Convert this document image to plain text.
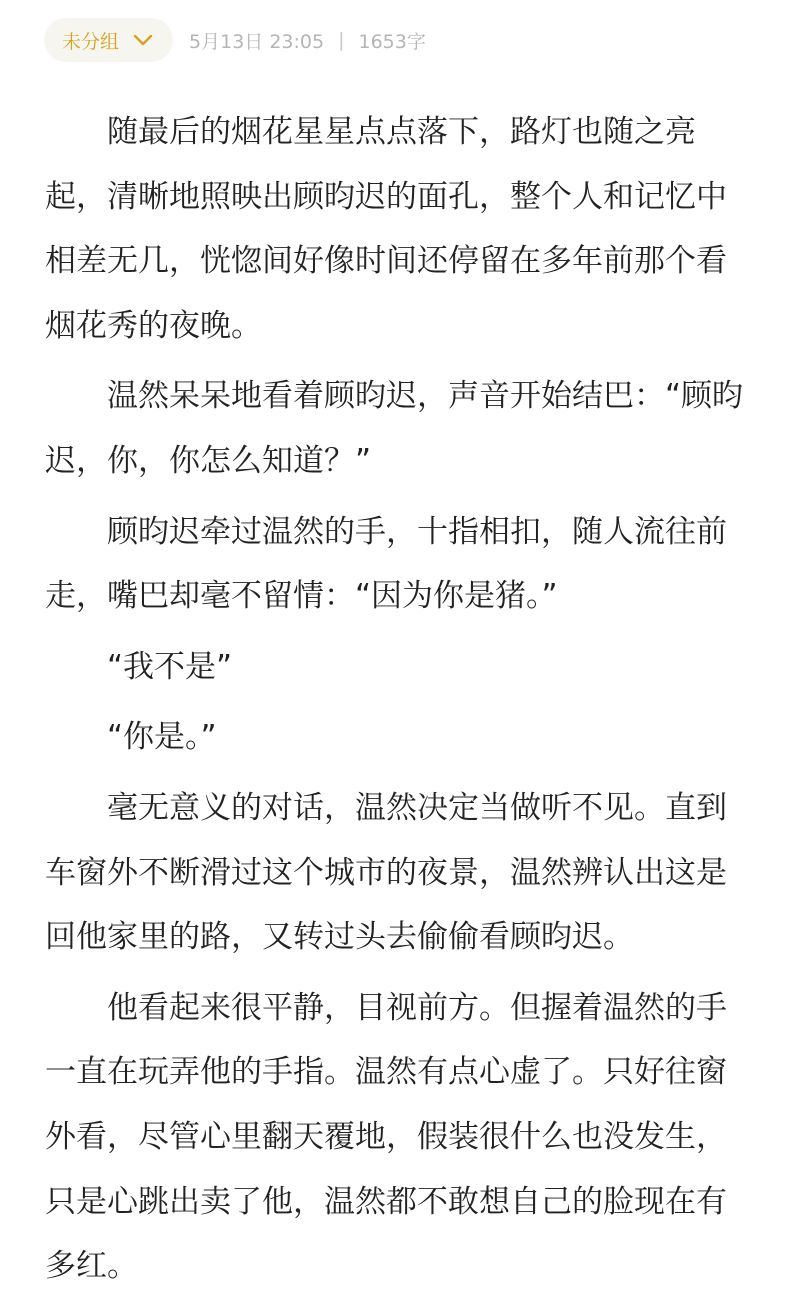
未分组	5月13日 23:05 | 1653字

　　随最后的烟花星星点点落下，路灯也随之亮起，清晰地照映出顾昀迟的面孔，整个人和记忆中相差无几，恍惚间好像时间还停留在多年前那个看烟花秀的夜晚。

　　温然呆呆地看着顾昀迟，声音开始结巴：“顾昀迟，你，你怎么知道？”

　　顾昀迟牵过温然的手，十指相扣，随人流往前走，嘴巴却毫不留情：“因为你是猪。”

　　“我不是”

　　“你是。”

　　毫无意义的对话，温然决定当做听不见。直到车窗外不断滑过这个城市的夜景，温然辨认出这是回他家里的路，又转过头去偷偷看顾昀迟。

　　他看起来很平静，目视前方。但握着温然的手一直在玩弄他的手指。温然有点心虚了。只好往窗外看，尽管心里翻天覆地，假装很什么也没发生，只是心跳出卖了他，温然都不敢想自己的脸现在有多红。
